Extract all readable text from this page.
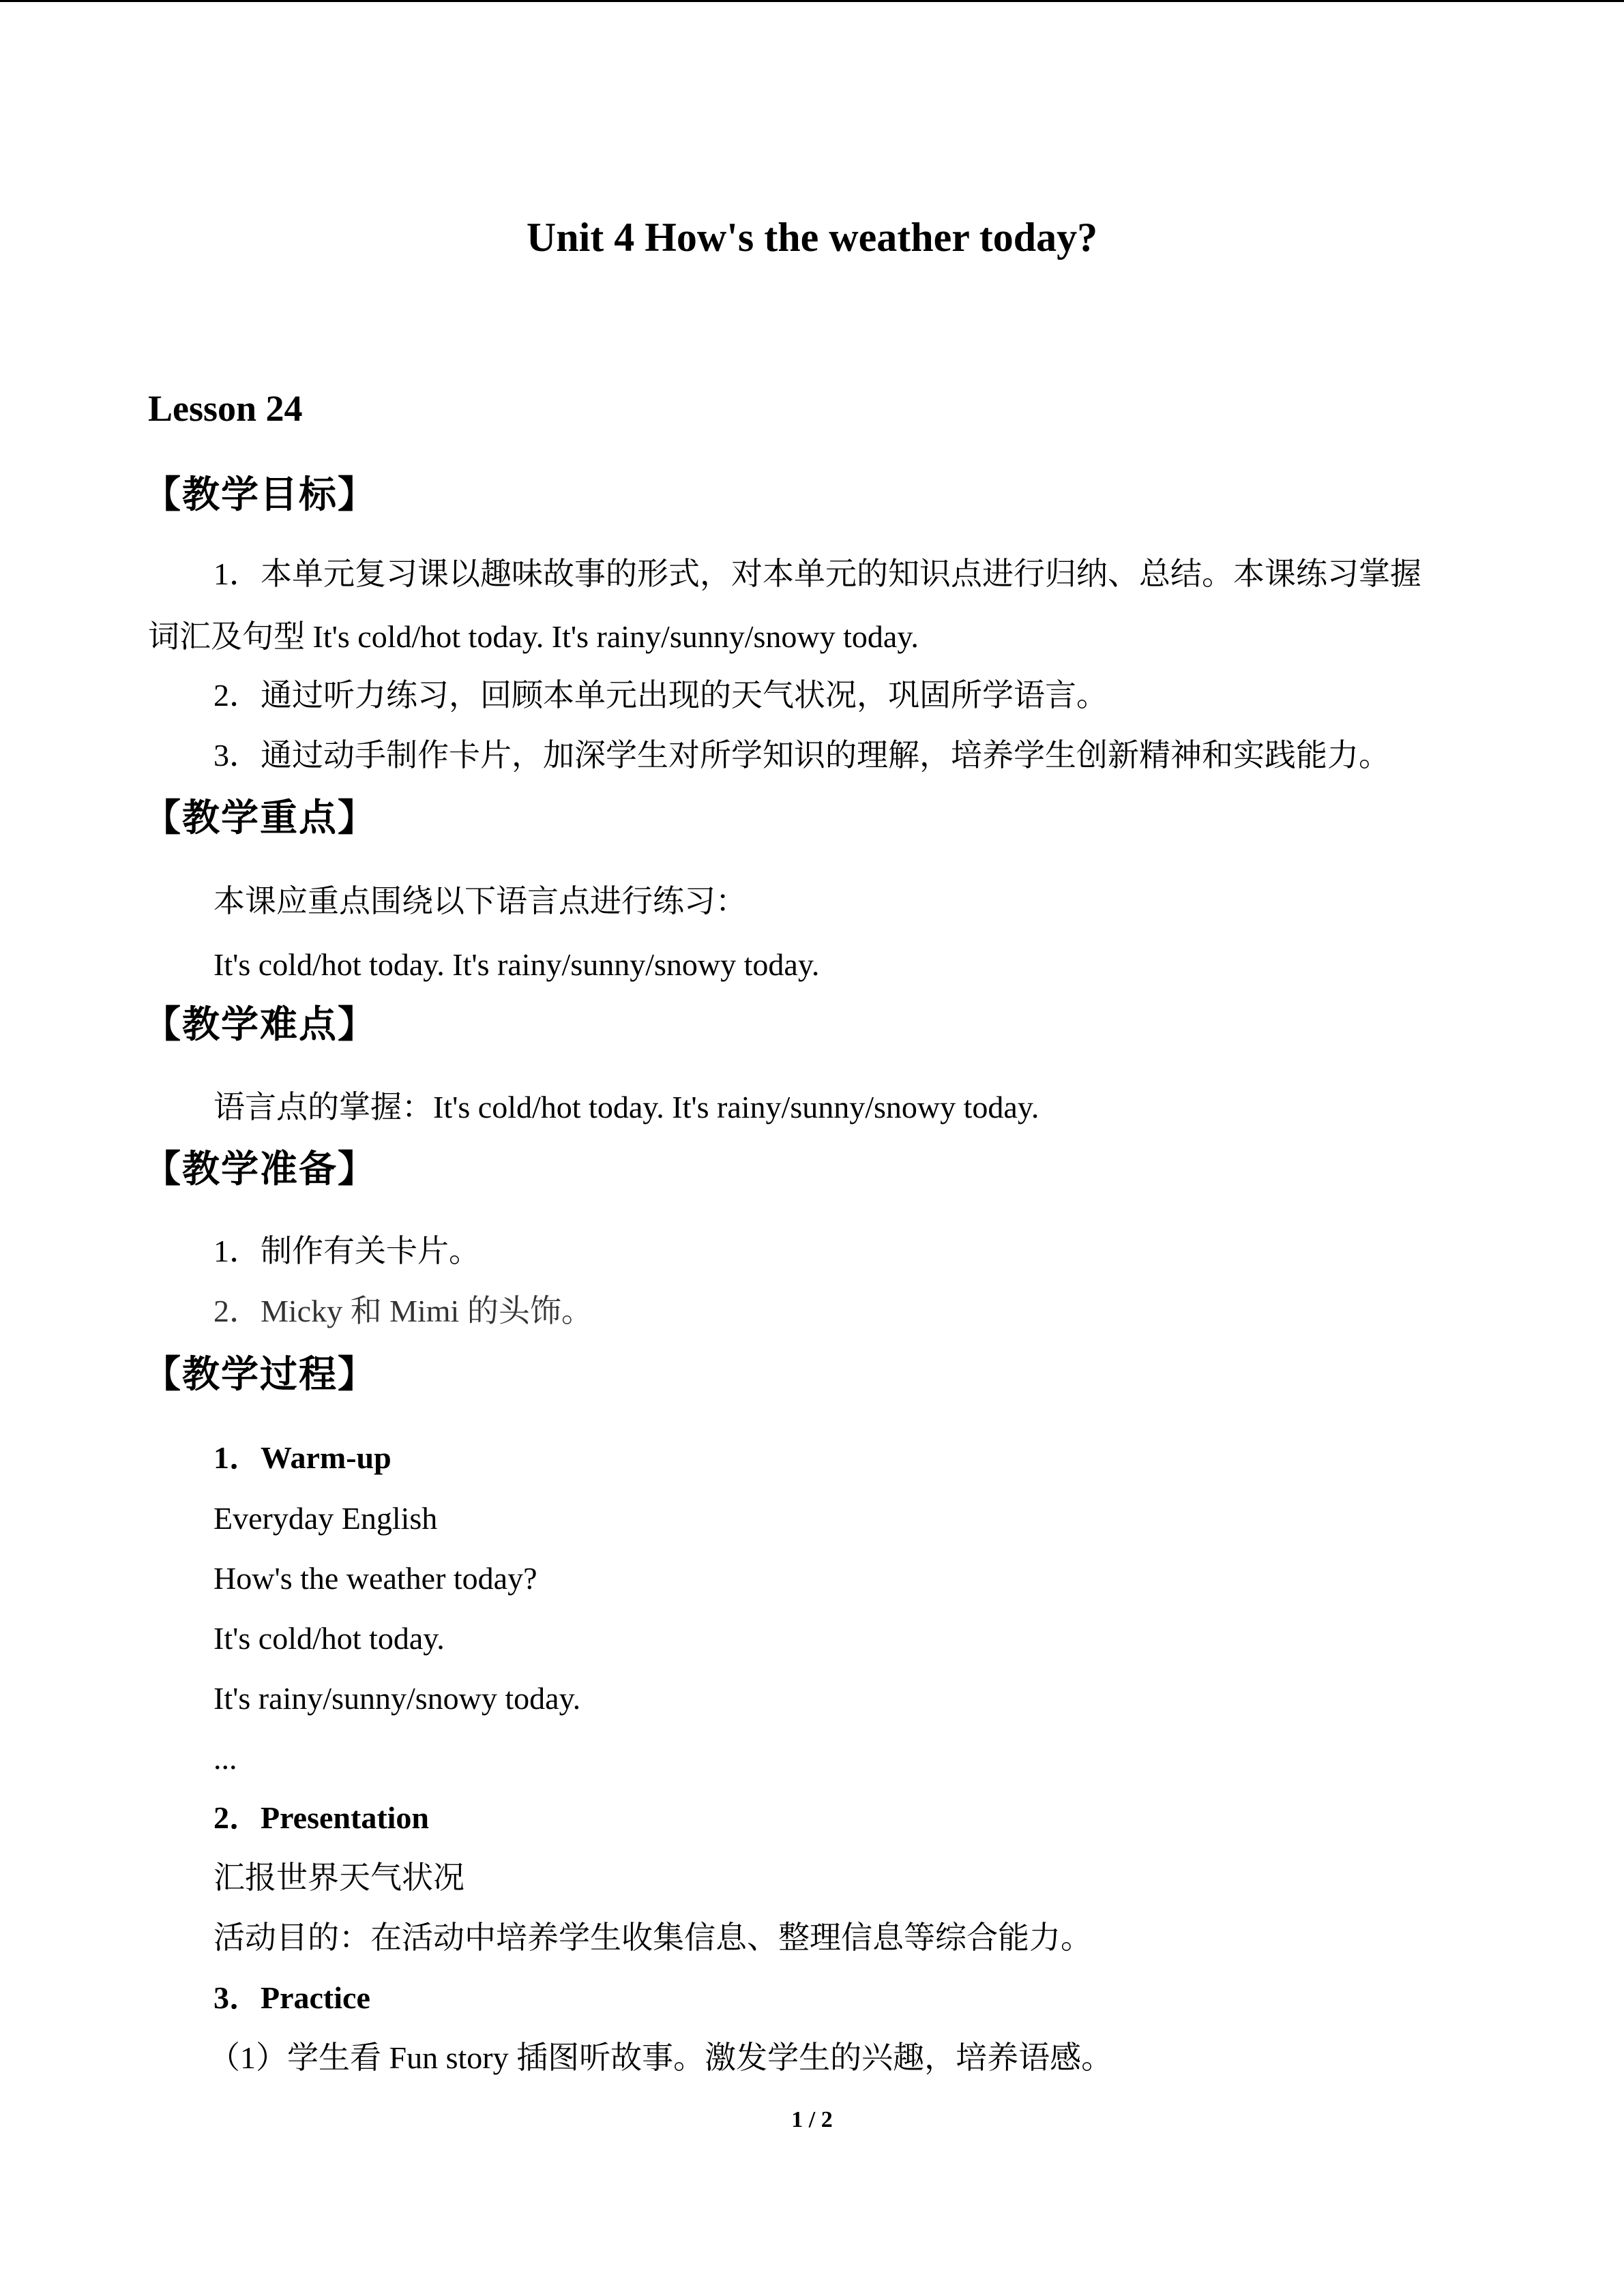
Unit 4 How's the weather today?
Lesson 24
【教学目标】
1．本单元复习课以趣味故事的形式，对本单元的知识点进行归纳、总结。本课练习掌握
词汇及句型 It's cold/hot today. It's rainy/sunny/snowy today.
2．通过听力练习，回顾本单元出现的天气状况，巩固所学语言。
3．通过动手制作卡片，加深学生对所学知识的理解，培养学生创新精神和实践能力。
【教学重点】
本课应重点围绕以下语言点进行练习：
It's cold/hot today. It's rainy/sunny/snowy today.
【教学难点】
语言点的掌握：It's cold/hot today. It's rainy/sunny/snowy today.
【教学准备】
1．制作有关卡片。
2．Micky 和 Mimi 的头饰。
【教学过程】
1．Warm-up
Everyday English
How's the weather today?
It's cold/hot today.
It's rainy/sunny/snowy today.
...
2．Presentation
汇报世界天气状况
活动目的：在活动中培养学生收集信息、整理信息等综合能力。
3．Practice
（1）学生看 Fun story 插图听故事。激发学生的兴趣，培养语感。
1 / 2
